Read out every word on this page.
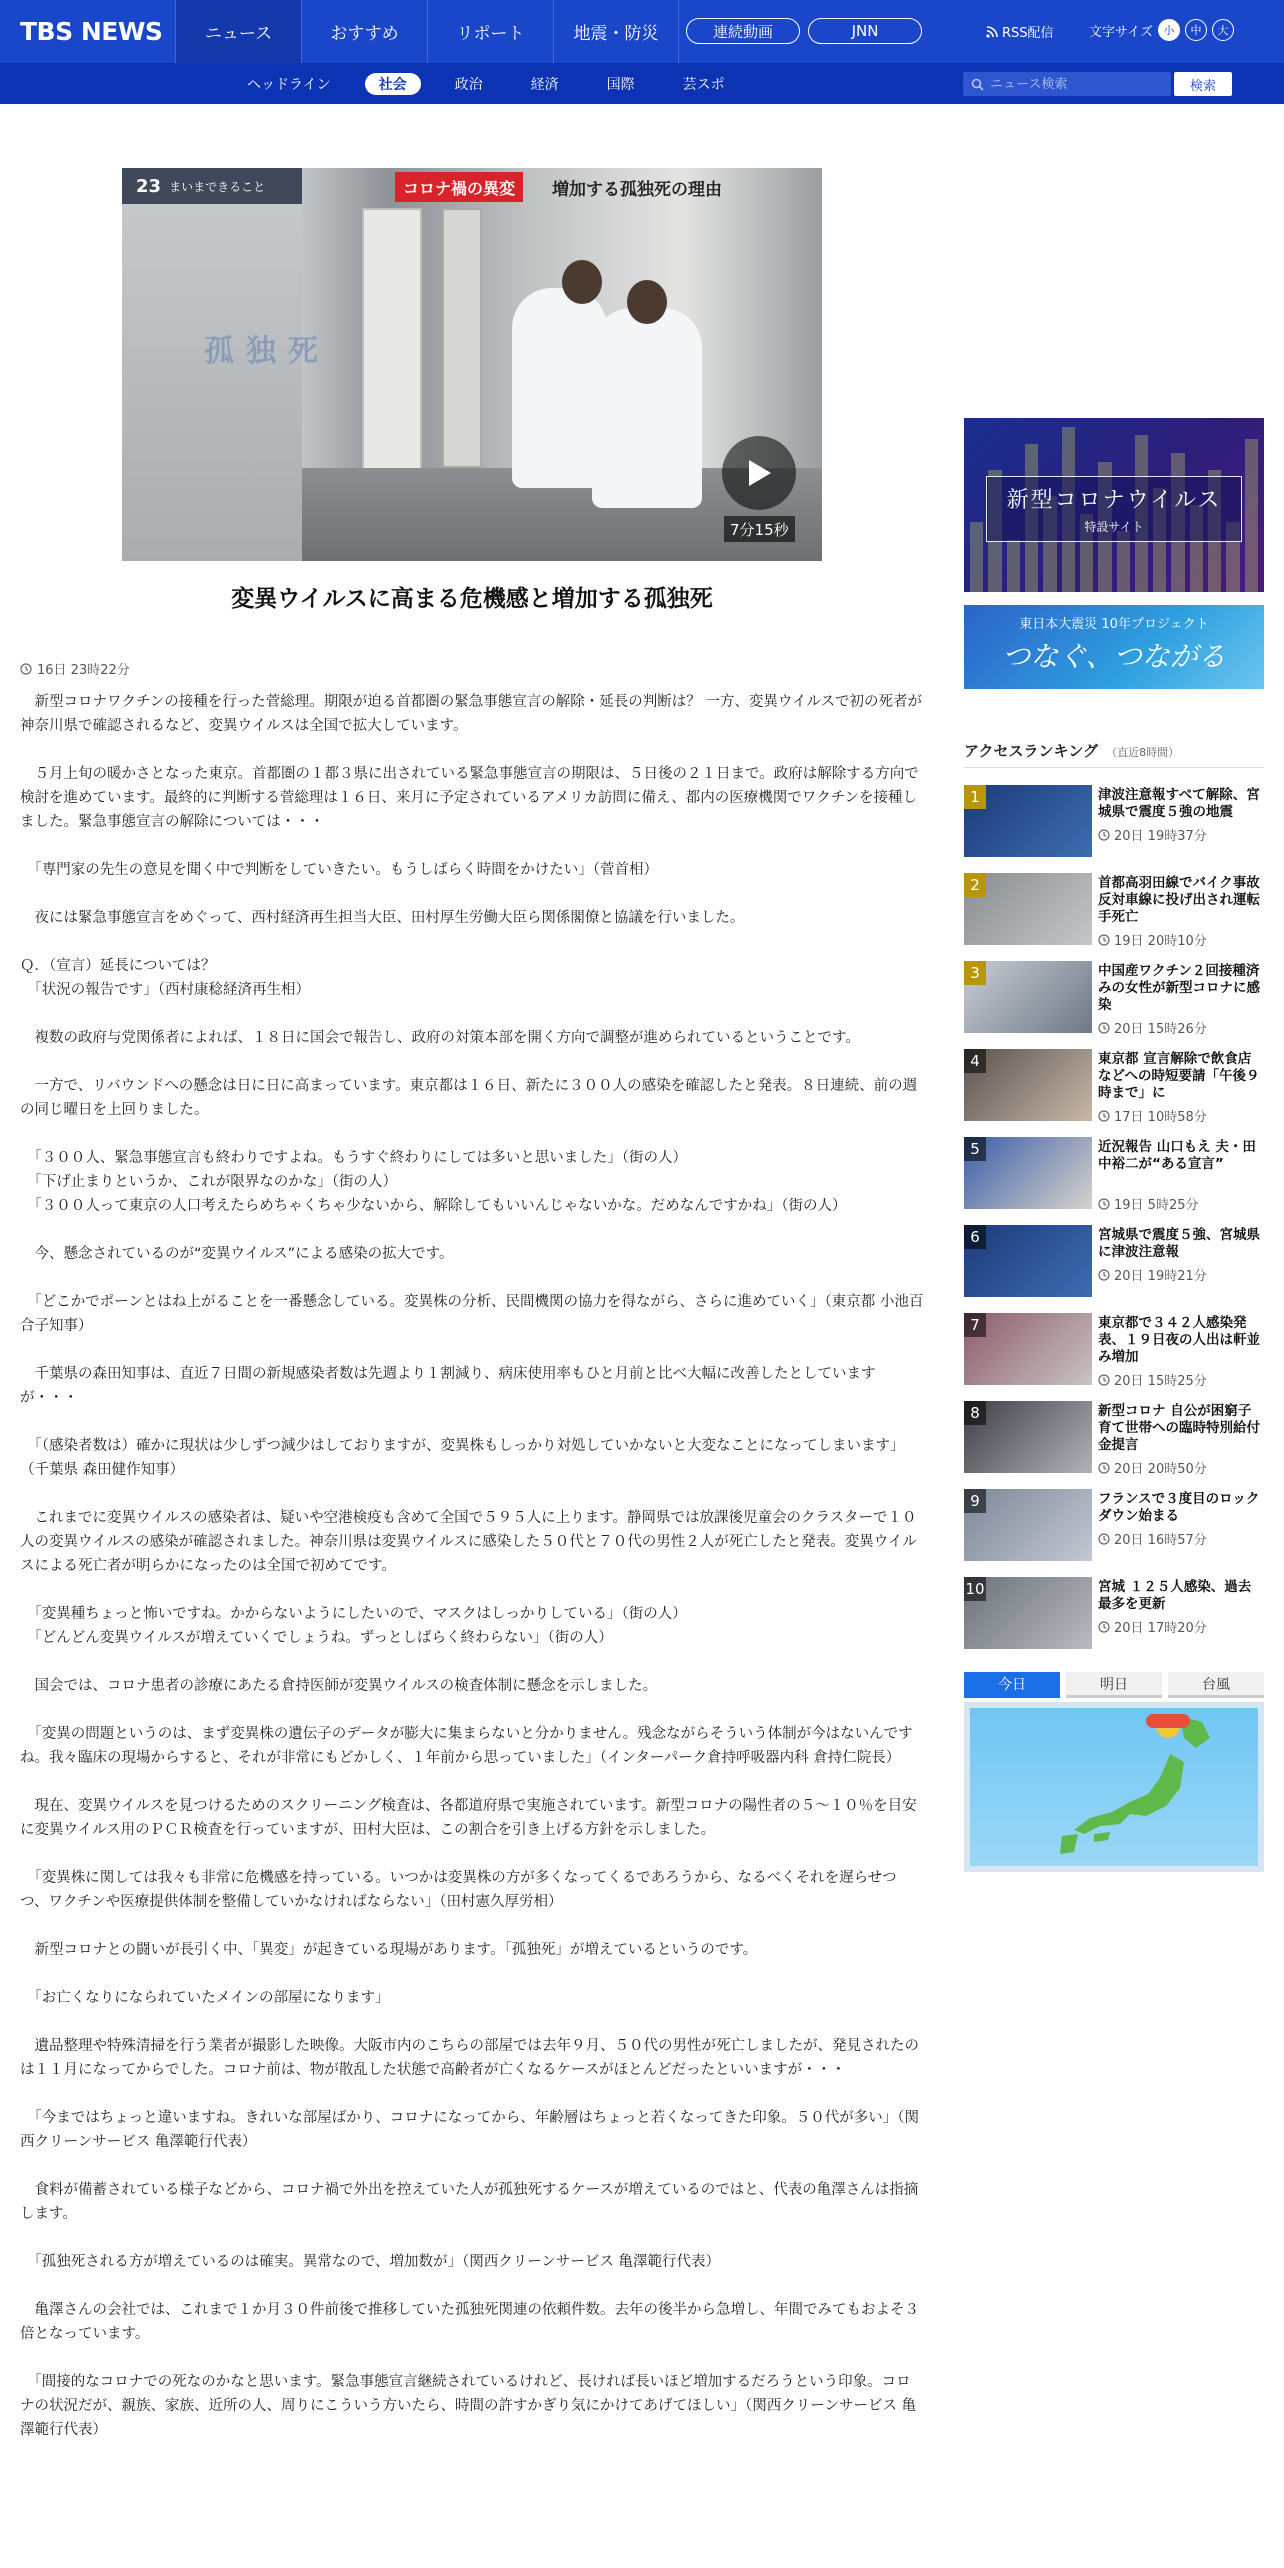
TBS NEWS	ニュース	おすすめ	リポート	地震・防災	連続動画	JNN	RSS配信	文字サイズ 小	中	大
ヘッドライン	社会	政治	経済	国際	芸スポ
ニュース検索	検索
23 まいまできること	コロナ禍の異変	増加する孤独死の理由
孤独死
7分15秒
変異ウイルスに高まる危機感と増加する孤独死
16日 23時22分

　新型コロナワクチンの接種を行った菅総理。期限が迫る首都圏の緊急事態宣言の解除・延長の判断は？ 一方、変異ウイルスで初の死者が神奈川県で確認されるなど、変異ウイルスは全国で拡大しています。

　５月上旬の暖かさとなった東京。首都圏の１都３県に出されている緊急事態宣言の期限は、５日後の２１日まで。政府は解除する方向で検討を進めています。最終的に判断する菅総理は１６日、来月に予定されているアメリカ訪問に備え、都内の医療機関でワクチンを接種しました。緊急事態宣言の解除については・・・

　「専門家の先生の意見を聞く中で判断をしていきたい。もうしばらく時間をかけたい」（菅首相）

　夜には緊急事態宣言をめぐって、西村経済再生担当大臣、田村厚生労働大臣ら関係閣僚と協議を行いました。

Ｑ．（宣言）延長については？
　「状況の報告です」（西村康稔経済再生相）

　複数の政府与党関係者によれば、１８日に国会で報告し、政府の対策本部を開く方向で調整が進められているということです。

　一方で、リバウンドへの懸念は日に日に高まっています。東京都は１６日、新たに３００人の感染を確認したと発表。８日連続、前の週の同じ曜日を上回りました。

　「３００人、緊急事態宣言も終わりですよね。もうすぐ終わりにしては多いと思いました」（街の人）
　「下げ止まりというか、これが限界なのかな」（街の人）
　「３００人って東京の人口考えたらめちゃくちゃ少ないから、解除してもいいんじゃないかな。だめなんですかね」（街の人）

　今、懸念されているのが“変異ウイルス”による感染の拡大です。

　「どこかでポーンとはね上がることを一番懸念している。変異株の分析、民間機関の協力を得ながら、さらに進めていく」（東京都 小池百合子知事）

　千葉県の森田知事は、直近７日間の新規感染者数は先週より１割減り、病床使用率もひと月前と比べ大幅に改善したとしていますが・・・

　「（感染者数は）確かに現状は少しずつ減少はしておりますが、変異株もしっかり対処していかないと大変なことになってしまいます」（千葉県 森田健作知事）

　これまでに変異ウイルスの感染者は、疑いや空港検疫も含めて全国で５９５人に上ります。静岡県では放課後児童会のクラスターで１０人の変異ウイルスの感染が確認されました。神奈川県は変異ウイルスに感染した５０代と７０代の男性２人が死亡したと発表。変異ウイルスによる死亡者が明らかになったのは全国で初めてです。

　「変異種ちょっと怖いですね。かからないようにしたいので、マスクはしっかりしている」（街の人）
　「どんどん変異ウイルスが増えていくでしょうね。ずっとしばらく終わらない」（街の人）

　国会では、コロナ患者の診療にあたる倉持医師が変異ウイルスの検査体制に懸念を示しました。

　「変異の問題というのは、まず変異株の遺伝子のデータが膨大に集まらないと分かりません。残念ながらそういう体制が今はないんですね。我々臨床の現場からすると、それが非常にもどかしく、１年前から思っていました」（インターパーク倉持呼吸器内科 倉持仁院長）

　現在、変異ウイルスを見つけるためのスクリーニング検査は、各都道府県で実施されています。新型コロナの陽性者の５～１０％を目安に変異ウイルス用のＰＣＲ検査を行っていますが、田村大臣は、この割合を引き上げる方針を示しました。

　「変異株に関しては我々も非常に危機感を持っている。いつかは変異株の方が多くなってくるであろうから、なるべくそれを遅らせつつ、ワクチンや医療提供体制を整備していかなければならない」（田村憲久厚労相）

　新型コロナとの闘いが長引く中、「異変」が起きている現場があります。「孤独死」が増えているというのです。

　「お亡くなりになられていたメインの部屋になります」

　遺品整理や特殊清掃を行う業者が撮影した映像。大阪市内のこちらの部屋では去年９月、５０代の男性が死亡しましたが、発見されたのは１１月になってからでした。コロナ前は、物が散乱した状態で高齢者が亡くなるケースがほとんどだったといいますが・・・

　「今まではちょっと違いますね。きれいな部屋ばかり、コロナになってから、年齢層はちょっと若くなってきた印象。５０代が多い」（関西クリーンサービス 亀澤範行代表）

　食料が備蓄されている様子などから、コロナ禍で外出を控えていた人が孤独死するケースが増えているのではと、代表の亀澤さんは指摘します。

　「孤独死される方が増えているのは確実。異常なので、増加数が」（関西クリーンサービス 亀澤範行代表）

　亀澤さんの会社では、これまで１か月３０件前後で推移していた孤独死関連の依頼件数。去年の後半から急増し、年間でみてもおよそ３倍となっています。

　「間接的なコロナでの死なのかなと思います。緊急事態宣言継続されているけれど、長ければ長いほど増加するだろうという印象。コロナの状況だが、親族、家族、近所の人、周りにこういう方いたら、時間の許すかぎり気にかけてあげてほしい」（関西クリーンサービス 亀澤範行代表）

新型コロナウイルス
特設サイト
東日本大震災 10年プロジェクト
つなぐ、つながる
アクセスランキング （直近8時間）
1	津波注意報すべて解除、宮城県で震度５強の地震
20日 19時37分
2	首都高羽田線でバイク事故 反対車線に投げ出され運転手死亡
19日 20時10分
3	中国産ワクチン２回接種済みの女性が新型コロナに感染
20日 15時26分
4	東京都 宣言解除で飲食店などへの時短要請「午後９時まで」に
17日 10時58分
5	近況報告 山口もえ 夫・田中裕二が“ある宣言”
19日 5時25分
6	宮城県で震度５強、宮城県に津波注意報
20日 19時21分
7	東京都で３４２人感染発表、１９日夜の人出は軒並み増加
20日 15時25分
8	新型コロナ 自公が困窮子育て世帯への臨時特別給付金提言
20日 20時50分
9	フランスで３度目のロックダウン始まる
20日 16時57分
10	宮城 １２５人感染、過去最多を更新
20日 17時20分
今日	明日	台風
